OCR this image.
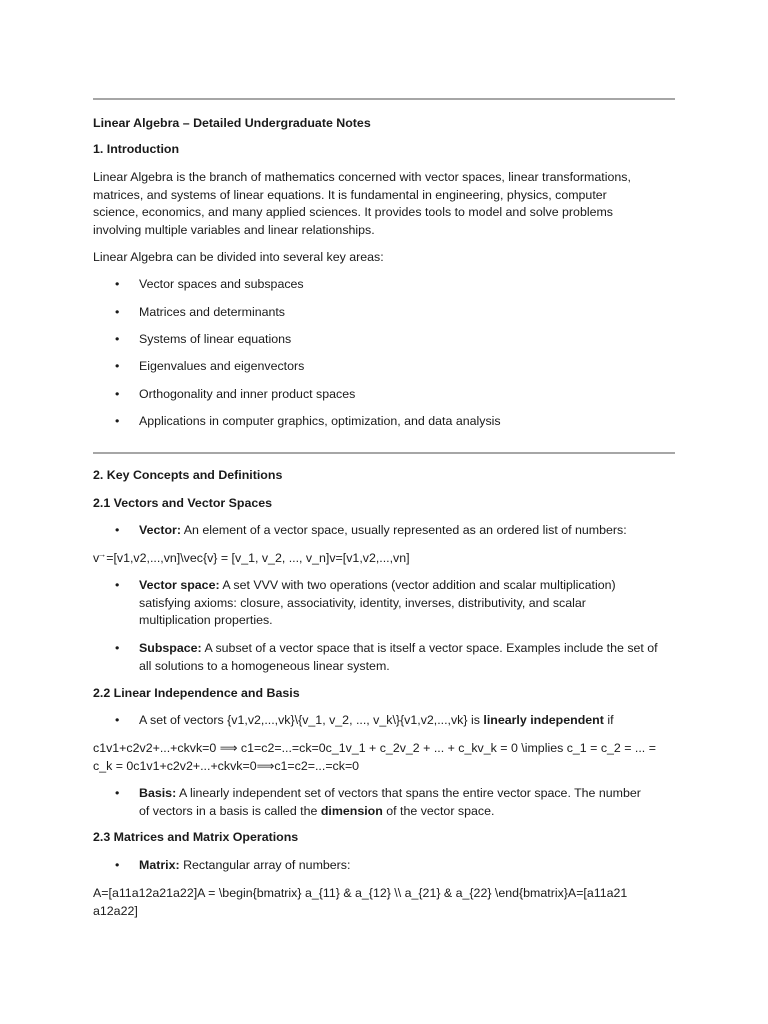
Linear Algebra – Detailed Undergraduate Notes
1. Introduction
Linear Algebra is the branch of mathematics concerned with vector spaces, linear transformations,
matrices, and systems of linear equations. It is fundamental in engineering, physics, computer
science, economics, and many applied sciences. It provides tools to model and solve problems
involving multiple variables and linear relationships.
Linear Algebra can be divided into several key areas:
• Vector spaces and subspaces
• Matrices and determinants
• Systems of linear equations
• Eigenvalues and eigenvectors
• Orthogonality and inner product spaces
• Applications in computer graphics, optimization, and data analysis
2. Key Concepts and Definitions
2.1 Vectors and Vector Spaces
• Vector: An element of a vector space, usually represented as an ordered list of numbers:
v→=[v1,v2,...,vn]\vec{v} = [v_1, v_2, ..., v_n]v=[v1,v2,...,vn]
• Vector space: A set VVV with two operations (vector addition and scalar multiplication)
satisfying axioms: closure, associativity, identity, inverses, distributivity, and scalar
multiplication properties.
• Subspace: A subset of a vector space that is itself a vector space. Examples include the set of
all solutions to a homogeneous linear system.
2.2 Linear Independence and Basis
• A set of vectors {v1,v2,...,vk}\{v_1, v_2, ..., v_k\}{v1,v2,...,vk} is linearly independent if
c1v1+c2v2+...+ckvk=0 ⟹ c1=c2=...=ck=0c_1v_1 + c_2v_2 + ... + c_kv_k = 0 \implies c_1 = c_2 = ... =
c_k = 0c1v1+c2v2+...+ckvk=0⟹c1=c2=...=ck=0
• Basis: A linearly independent set of vectors that spans the entire vector space. The number
of vectors in a basis is called the dimension of the vector space.
2.3 Matrices and Matrix Operations
• Matrix: Rectangular array of numbers:
A=[a11a12a21a22]A = \begin{bmatrix} a_{11} & a_{12} \\ a_{21} & a_{22} \end{bmatrix}A=[a11a21
a12a22]
